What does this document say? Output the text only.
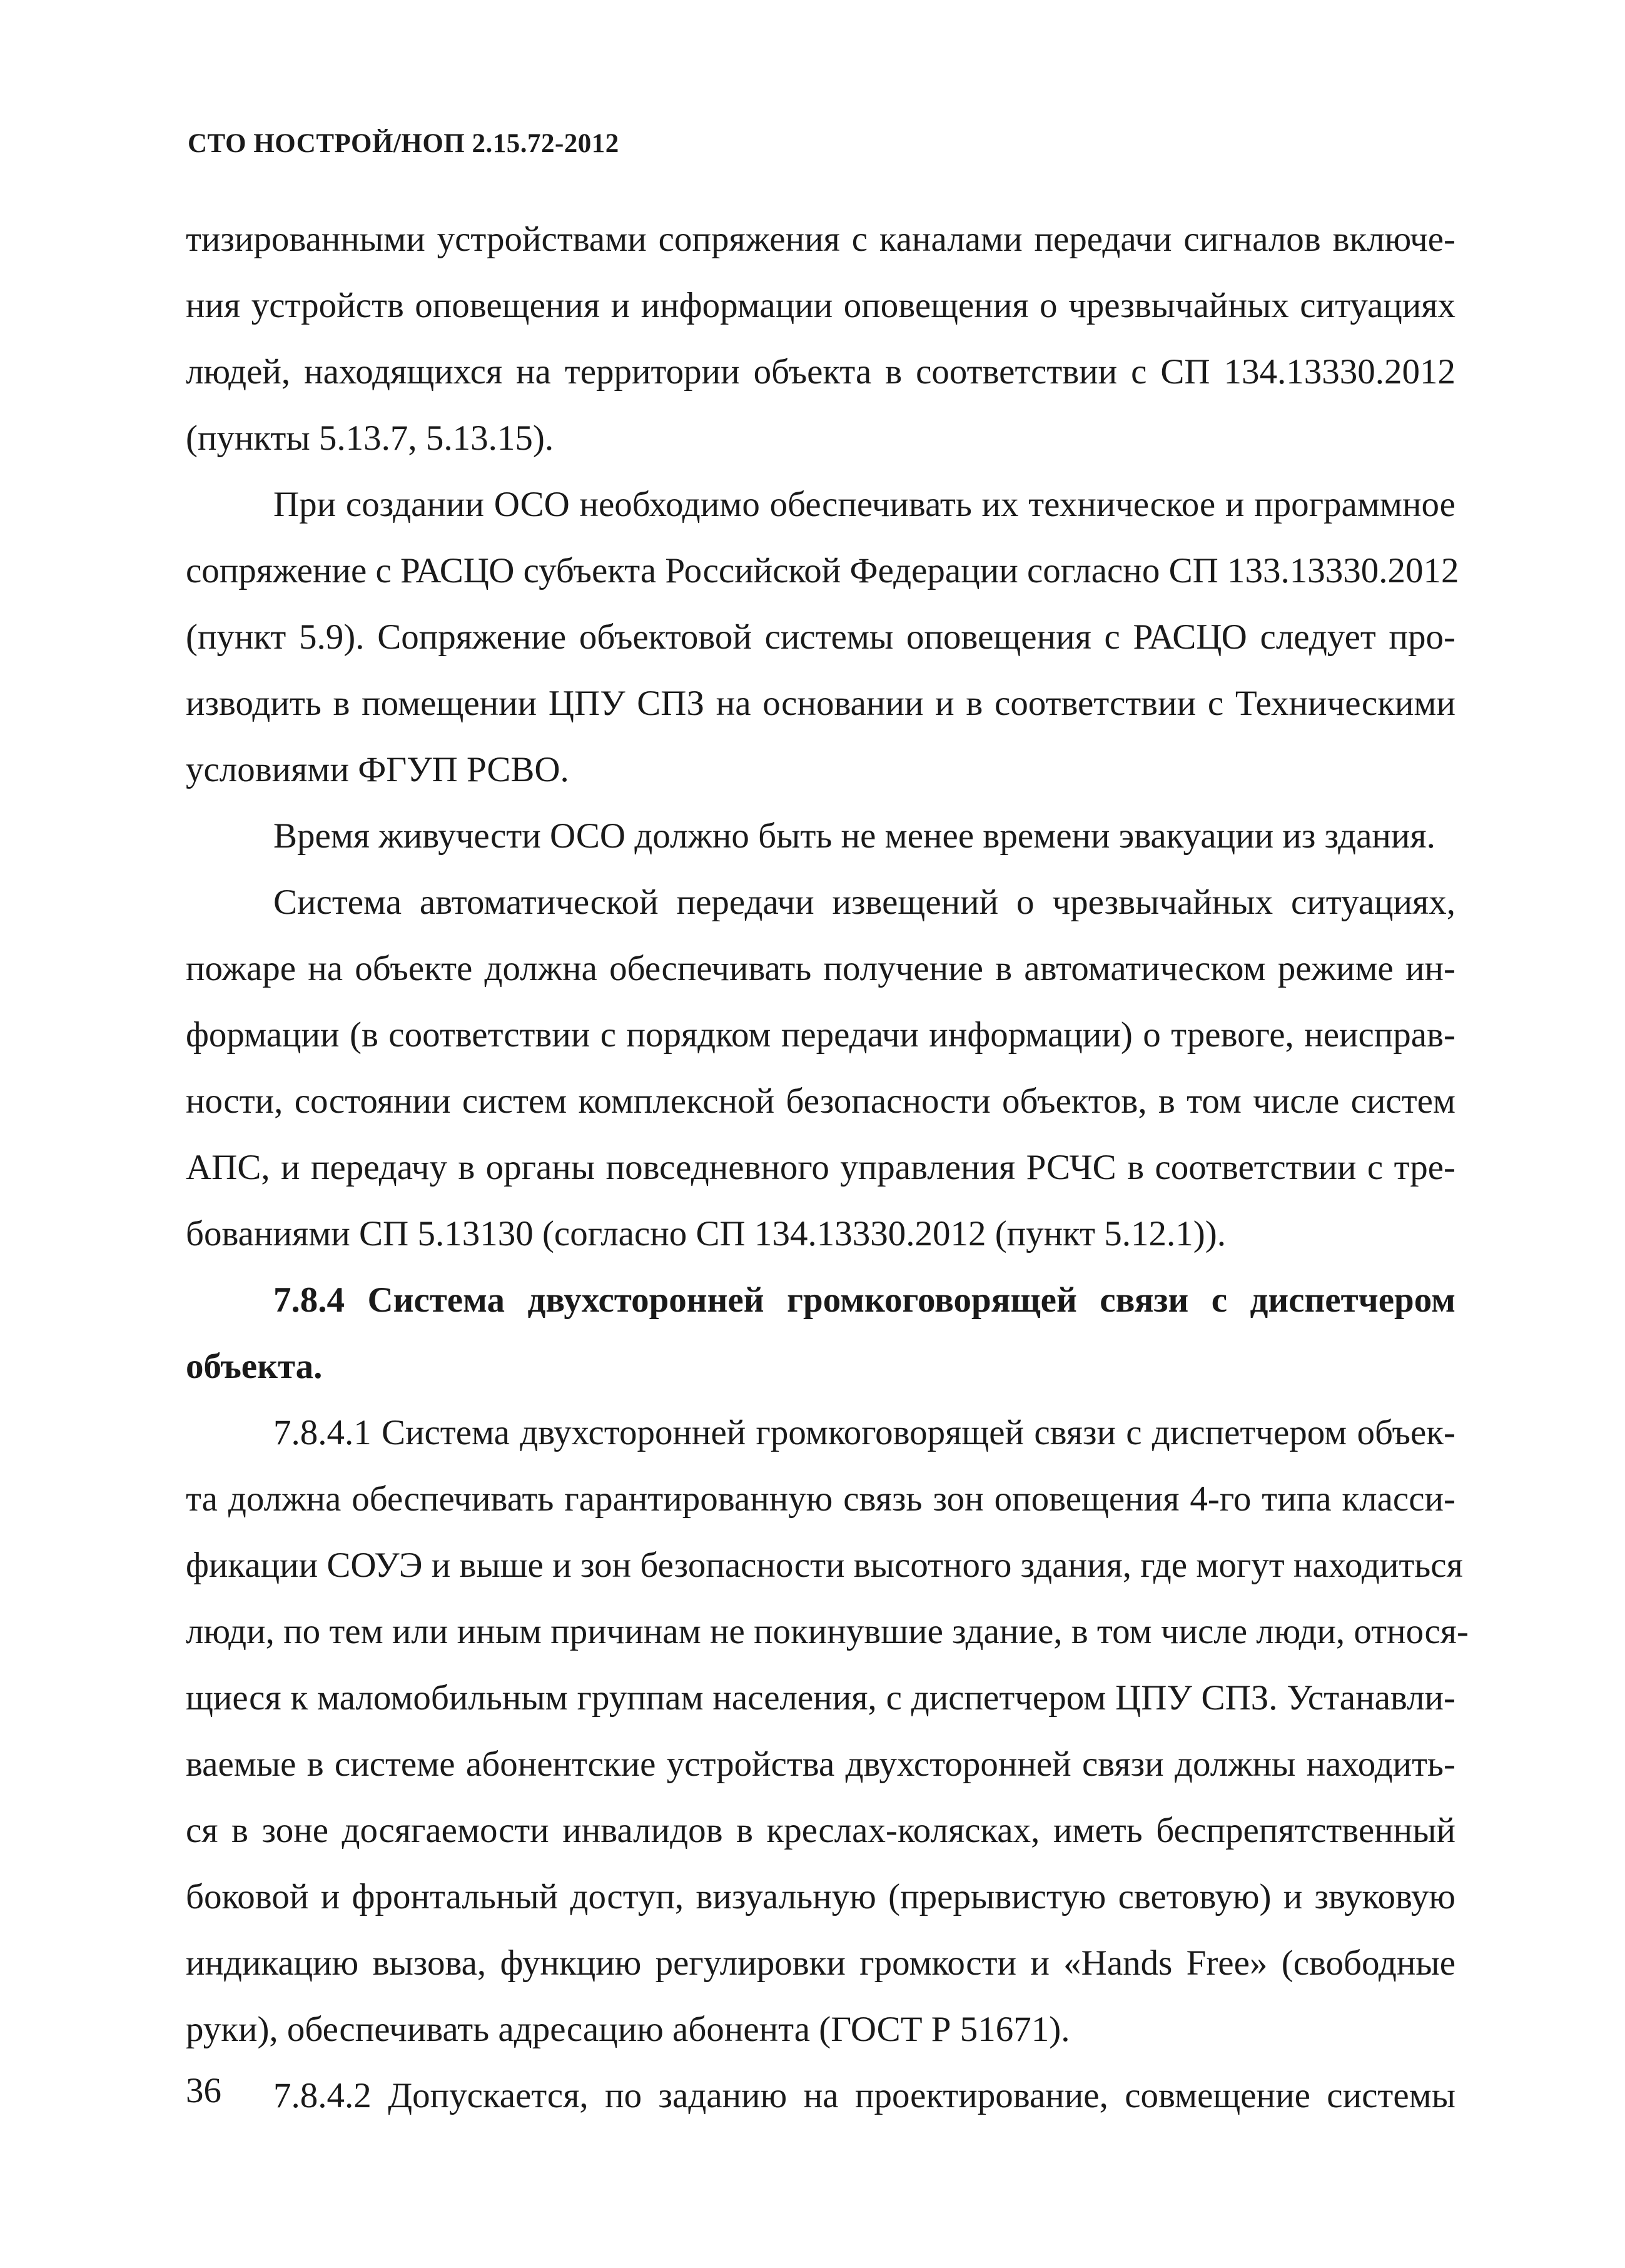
СТО НОСТРОЙ/НОП 2.15.72-2012
тизированными устройствами сопряжения с каналами передачи сигналов включе-
ния устройств оповещения и информации оповещения о чрезвычайных ситуациях
людей, находящихся на территории объекта в соответствии с СП 134.13330.2012
(пункты 5.13.7, 5.13.15).
При создании ОСО необходимо обеспечивать их техническое и программное
сопряжение с РАСЦО субъекта Российской Федерации согласно СП 133.13330.2012
(пункт 5.9). Сопряжение объектовой системы оповещения с РАСЦО следует про-
изводить в помещении ЦПУ СПЗ на основании и в соответствии с Техническими
условиями ФГУП РСВО.
Время живучести ОСО должно быть не менее времени эвакуации из здания.
Система автоматической передачи извещений о чрезвычайных ситуациях,
пожаре на объекте должна обеспечивать получение в автоматическом режиме ин-
формации (в соответствии с порядком передачи информации) о тревоге, неисправ-
ности, состоянии систем комплексной безопасности объектов, в том числе систем
АПС, и передачу в органы повседневного управления РСЧС в соответствии с тре-
бованиями СП 5.13130 (согласно СП 134.13330.2012 (пункт 5.12.1)).
7.8.4 Система двухсторонней громкоговорящей связи с диспетчером
объекта.
7.8.4.1 Система двухсторонней громкоговорящей связи с диспетчером объек-
та должна обеспечивать гарантированную связь зон оповещения 4-го типа класси-
фикации СОУЭ и выше и зон безопасности высотного здания, где могут находиться
люди, по тем или иным причинам не покинувшие здание, в том числе люди, относя-
щиеся к маломобильным группам населения, с диспетчером ЦПУ СПЗ. Устанавли-
ваемые в системе абонентские устройства двухсторонней связи должны находить-
ся в зоне досягаемости инвалидов в креслах-колясках, иметь беспрепятственный
боковой и фронтальный доступ, визуальную (прерывистую световую) и звуковую
индикацию вызова, функцию регулировки громкости и «Hands Free» (свободные
руки), обеспечивать адресацию абонента (ГОСТ Р 51671).
7.8.4.2 Допускается, по заданию на проектирование, совмещение системы
36
